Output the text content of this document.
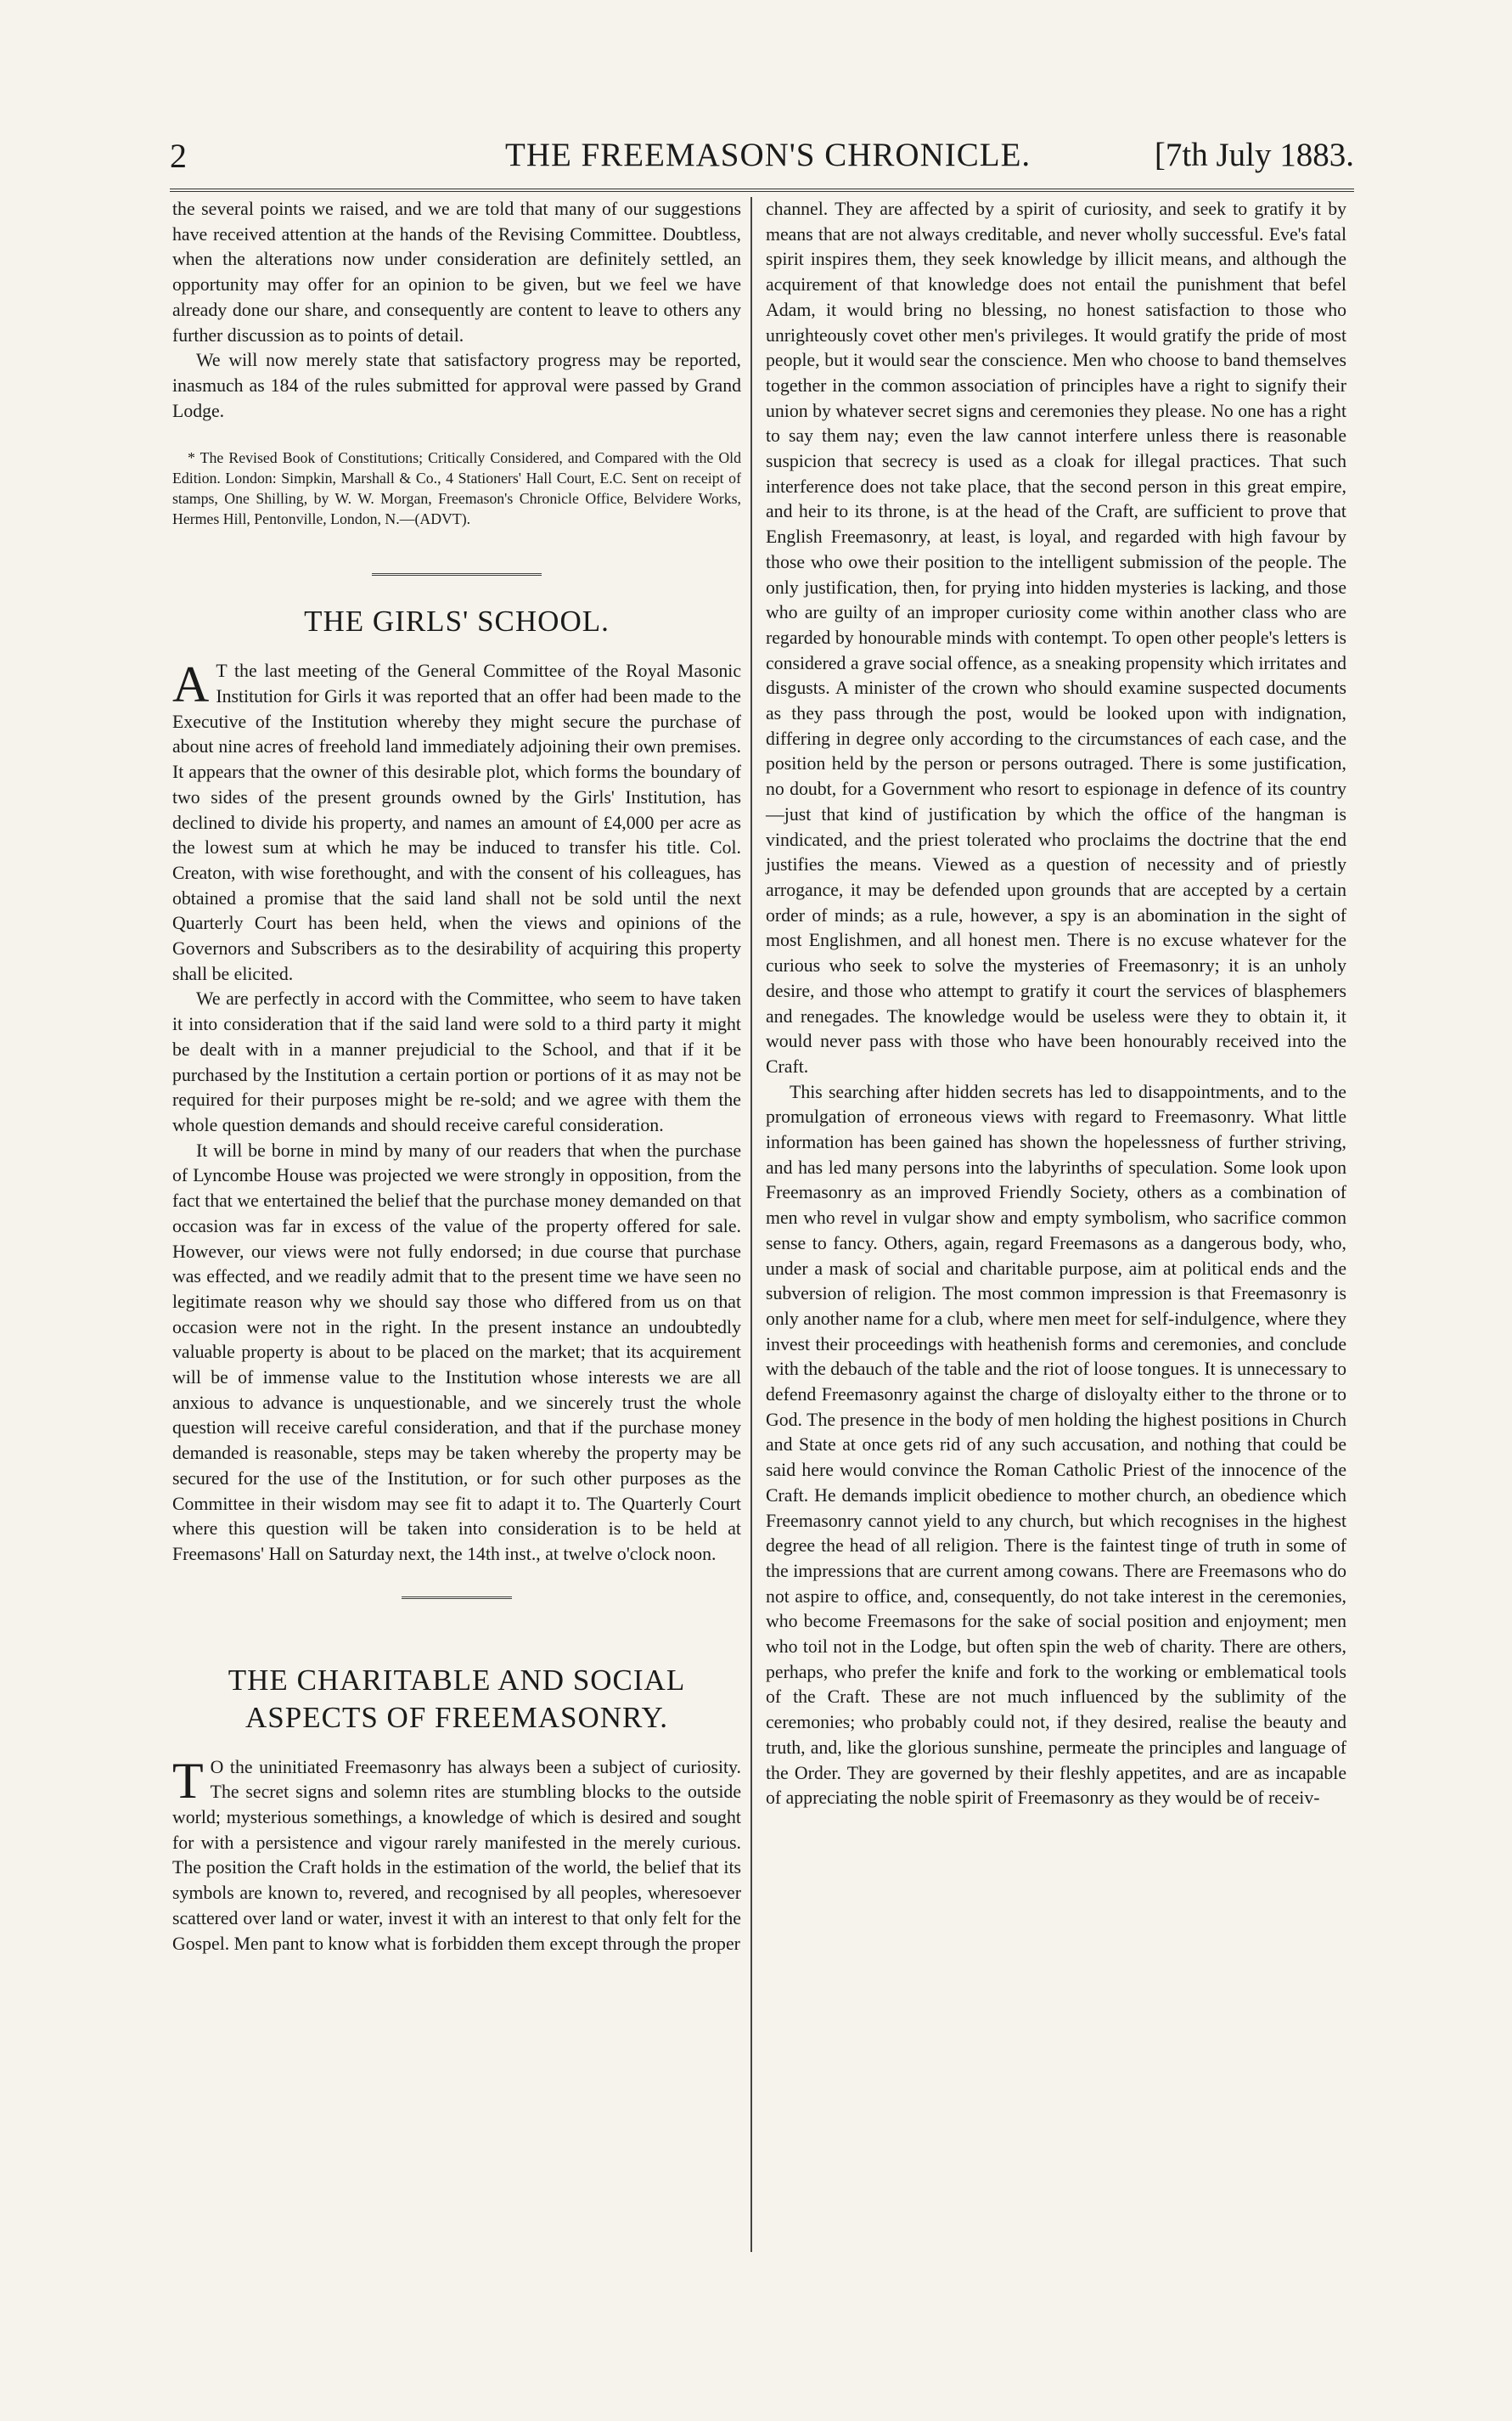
2	THE FREEMASON'S CHRONICLE.	[7th July 1883.

the several points we raised, and we are told that many of our suggestions have received attention at the hands of the Revising Committee. Doubtless, when the alterations now under consideration are definitely settled, an opportunity may offer for an opinion to be given, but we feel we have already done our share, and consequently are content to leave to others any further discussion as to points of detail.

We will now merely state that satisfactory progress may be reported, inasmuch as 184 of the rules submitted for approval were passed by Grand Lodge.

* The Revised Book of Constitutions; Critically Considered, and Compared with the Old Edition. London: Simpkin, Marshall & Co., 4 Stationers' Hall Court, E.C. Sent on receipt of stamps, One Shilling, by W. W. Morgan, Freemason's Chronicle Office, Belvidere Works, Hermes Hill, Pentonville, London, N.—(ADVT).
THE GIRLS' SCHOOL.

A T the last meeting of the General Committee of the Royal Masonic Institution for Girls it was reported that an offer had been made to the Executive of the Institution whereby they might secure the purchase of about nine acres of freehold land immediately adjoining their own premises. It appears that the owner of this desirable plot, which forms the boundary of two sides of the present grounds owned by the Girls' Institution, has declined to divide his property, and names an amount of £4,000 per acre as the lowest sum at which he may be induced to transfer his title. Col. Creaton, with wise forethought, and with the consent of his colleagues, has obtained a promise that the said land shall not be sold until the next Quarterly Court has been held, when the views and opinions of the Governors and Subscribers as to the desirability of acquiring this property shall be elicited.

We are perfectly in accord with the Committee, who seem to have taken it into consideration that if the said land were sold to a third party it might be dealt with in a manner prejudicial to the School, and that if it be purchased by the Institution a certain portion or portions of it as may not be required for their purposes might be re-sold; and we agree with them the whole question demands and should receive careful consideration.

It will be borne in mind by many of our readers that when the purchase of Lyncombe House was projected we were strongly in opposition, from the fact that we entertained the belief that the purchase money demanded on that occasion was far in excess of the value of the property offered for sale. However, our views were not fully endorsed; in due course that purchase was effected, and we readily admit that to the present time we have seen no legitimate reason why we should say those who differed from us on that occasion were not in the right. In the present instance an undoubtedly valuable property is about to be placed on the market; that its acquirement will be of immense value to the Institution whose interests we are all anxious to advance is unquestionable, and we sincerely trust the whole question will receive careful consideration, and that if the purchase money demanded is reasonable, steps may be taken whereby the property may be secured for the use of the Institution, or for such other purposes as the Committee in their wisdom may see fit to adapt it to. The Quarterly Court where this question will be taken into consideration is to be held at Freemasons' Hall on Saturday next, the 14th inst., at twelve o'clock noon.

THE CHARITABLE AND SOCIAL
ASPECTS OF FREEMASONRY.

T O the uninitiated Freemasonry has always been a subject of curiosity. The secret signs and solemn rites are stumbling blocks to the outside world; mysterious somethings, a knowledge of which is desired and sought for with a persistence and vigour rarely manifested in the merely curious. The position the Craft holds in the estimation of the world, the belief that its symbols are known to, revered, and recognised by all peoples, wheresoever scattered over land or water, invest it with an interest to that only felt for the Gospel. Men pant to know what is forbidden them except through the proper

channel. They are affected by a spirit of curiosity, and seek to gratify it by means that are not always creditable, and never wholly successful. Eve's fatal spirit inspires them, they seek knowledge by illicit means, and although the acquirement of that knowledge does not entail the punishment that befel Adam, it would bring no blessing, no honest satisfaction to those who unrighteously covet other men's privileges. It would gratify the pride of most people, but it would sear the conscience. Men who choose to band themselves together in the common association of principles have a right to signify their union by whatever secret signs and ceremonies they please. No one has a right to say them nay; even the law cannot interfere unless there is reasonable suspicion that secrecy is used as a cloak for illegal practices. That such interference does not take place, that the second person in this great empire, and heir to its throne, is at the head of the Craft, are sufficient to prove that English Freemasonry, at least, is loyal, and regarded with high favour by those who owe their position to the intelligent submission of the people. The only justification, then, for prying into hidden mysteries is lacking, and those who are guilty of an improper curiosity come within another class who are regarded by honourable minds with contempt. To open other people's letters is considered a grave social offence, as a sneaking propensity which irritates and disgusts. A minister of the crown who should examine suspected documents as they pass through the post, would be looked upon with indignation, differing in degree only according to the circumstances of each case, and the position held by the person or persons outraged. There is some justification, no doubt, for a Government who resort to espionage in defence of its country—just that kind of justification by which the office of the hangman is vindicated, and the priest tolerated who proclaims the doctrine that the end justifies the means. Viewed as a question of necessity and of priestly arrogance, it may be defended upon grounds that are accepted by a certain order of minds; as a rule, however, a spy is an abomination in the sight of most Englishmen, and all honest men. There is no excuse whatever for the curious who seek to solve the mysteries of Freemasonry; it is an unholy desire, and those who attempt to gratify it court the services of blasphemers and renegades. The knowledge would be useless were they to obtain it, it would never pass with those who have been honourably received into the Craft.

This searching after hidden secrets has led to disappointments, and to the promulgation of erroneous views with regard to Freemasonry. What little information has been gained has shown the hopelessness of further striving, and has led many persons into the labyrinths of speculation. Some look upon Freemasonry as an improved Friendly Society, others as a combination of men who revel in vulgar show and empty symbolism, who sacrifice common sense to fancy. Others, again, regard Freemasons as a dangerous body, who, under a mask of social and charitable purpose, aim at political ends and the subversion of religion. The most common impression is that Freemasonry is only another name for a club, where men meet for self-indulgence, where they invest their proceedings with heathenish forms and ceremonies, and conclude with the debauch of the table and the riot of loose tongues. It is unnecessary to defend Freemasonry against the charge of disloyalty either to the throne or to God. The presence in the body of men holding the highest positions in Church and State at once gets rid of any such accusation, and nothing that could be said here would convince the Roman Catholic Priest of the innocence of the Craft. He demands implicit obedience to mother church, an obedience which Freemasonry cannot yield to any church, but which recognises in the highest degree the head of all religion. There is the faintest tinge of truth in some of the impressions that are current among cowans. There are Freemasons who do not aspire to office, and, consequently, do not take interest in the ceremonies, who become Freemasons for the sake of social position and enjoyment; men who toil not in the Lodge, but often spin the web of charity. There are others, perhaps, who prefer the knife and fork to the working or emblematical tools of the Craft. These are not much influenced by the sublimity of the ceremonies; who probably could not, if they desired, realise the beauty and truth, and, like the glorious sunshine, permeate the principles and language of the Order. They are governed by their fleshly appetites, and are as incapable of appreciating the noble spirit of Freemasonry as they would be of receiv-
